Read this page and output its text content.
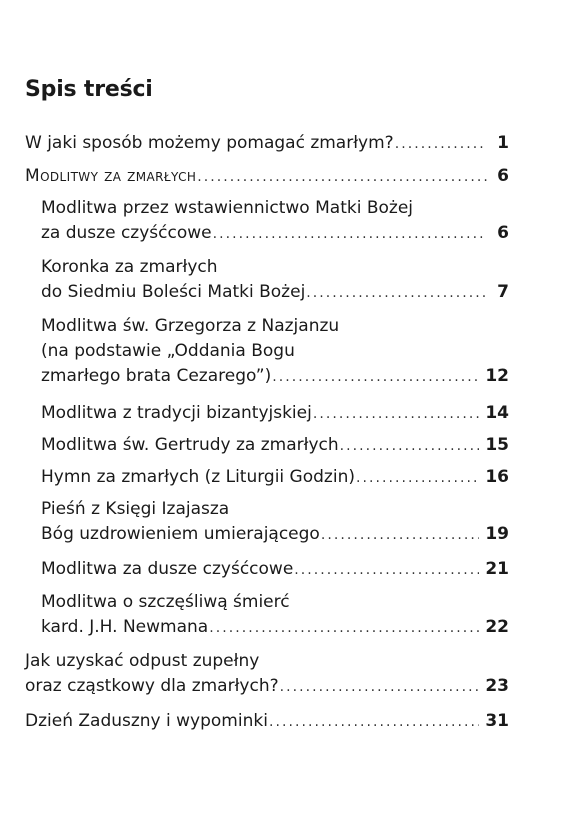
Spis treści
W jaki sposób możemy pomagać zmarłym? . . .	1
Modlitwy za zmarłych . . .	6
Modlitwa przez wstawiennictwo Matki Bożej
za dusze czyśćcowe . . .	6
Koronka za zmarłych
do Siedmiu Boleści Matki Bożej . . .	7
Modlitwa św. Grzegorza z Nazjanzu
(na podstawie „Oddania Bogu
zmarłego brata Cezarego”) . . .	12
Modlitwa z tradycji bizantyjskiej . . .	14
Modlitwa św. Gertrudy za zmarłych . . .	15
Hymn za zmarłych (z Liturgii Godzin) . . .	16
Pieśń z Księgi Izajasza
Bóg uzdrowieniem umierającego . . .	19
Modlitwa za dusze czyśćcowe . . .	21
Modlitwa o szczęśliwą śmierć
kard. J.H. Newmana . . .	22
Jak uzyskać odpust zupełny
oraz cząstkowy dla zmarłych? . . .	23
Dzień Zaduszny i wypominki . . .	31
